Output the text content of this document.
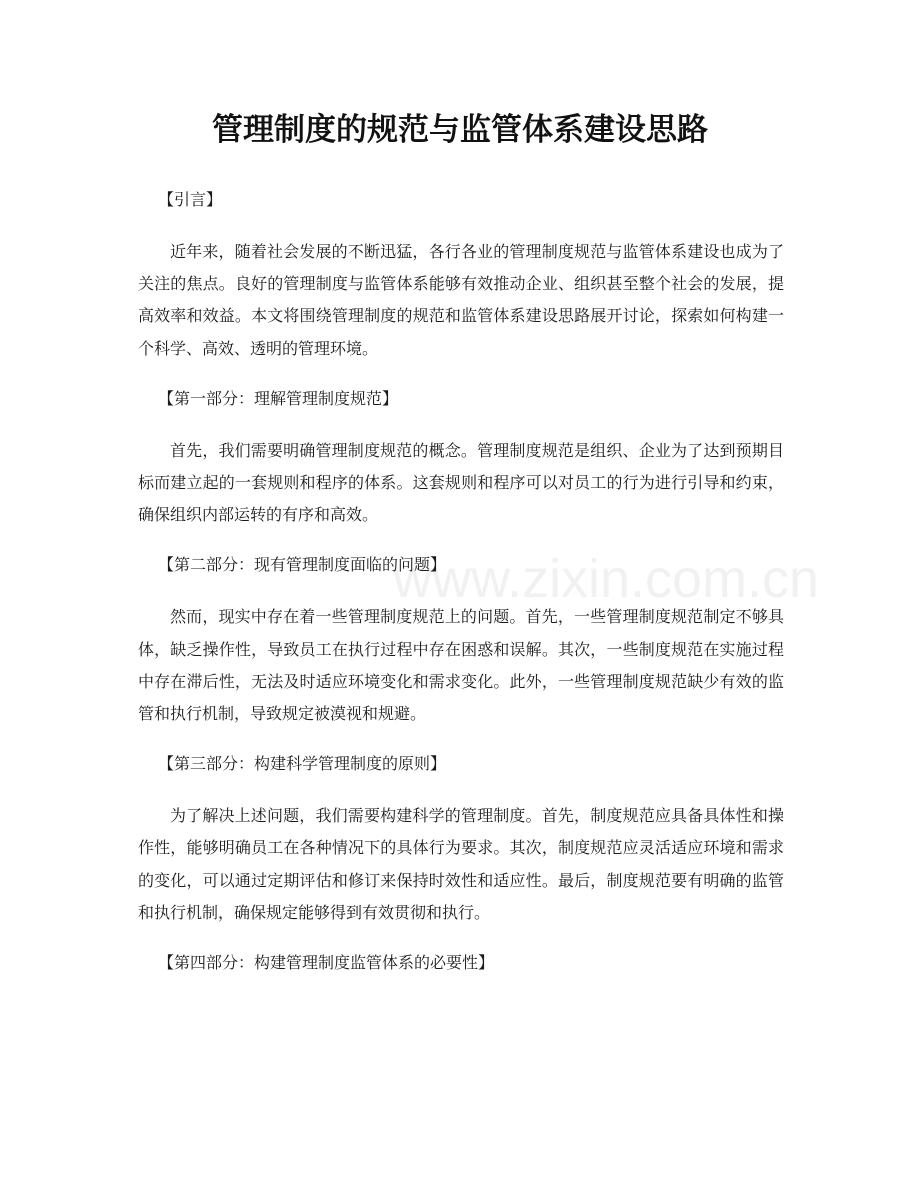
管理制度的规范与监管体系建设思路

【引言】

近年来，随着社会发展的不断迅猛，各行各业的管理制度规范与监管体系建设也成为了关注的焦点。良好的管理制度与监管体系能够有效推动企业、组织甚至整个社会的发展，提高效率和效益。本文将围绕管理制度的规范和监管体系建设思路展开讨论，探索如何构建一个科学、高效、透明的管理环境。

【第一部分：理解管理制度规范】

首先，我们需要明确管理制度规范的概念。管理制度规范是组织、企业为了达到预期目标而建立起的一套规则和程序的体系。这套规则和程序可以对员工的行为进行引导和约束，确保组织内部运转的有序和高效。

【第二部分：现有管理制度面临的问题】

然而，现实中存在着一些管理制度规范上的问题。首先，一些管理制度规范制定不够具体，缺乏操作性，导致员工在执行过程中存在困惑和误解。其次，一些制度规范在实施过程中存在滞后性，无法及时适应环境变化和需求变化。此外，一些管理制度规范缺少有效的监管和执行机制，导致规定被漠视和规避。

【第三部分：构建科学管理制度的原则】

为了解决上述问题，我们需要构建科学的管理制度。首先，制度规范应具备具体性和操作性，能够明确员工在各种情况下的具体行为要求。其次，制度规范应灵活适应环境和需求的变化，可以通过定期评估和修订来保持时效性和适应性。最后，制度规范要有明确的监管和执行机制，确保规定能够得到有效贯彻和执行。

【第四部分：构建管理制度监管体系的必要性】

www.zixin.com.cn
